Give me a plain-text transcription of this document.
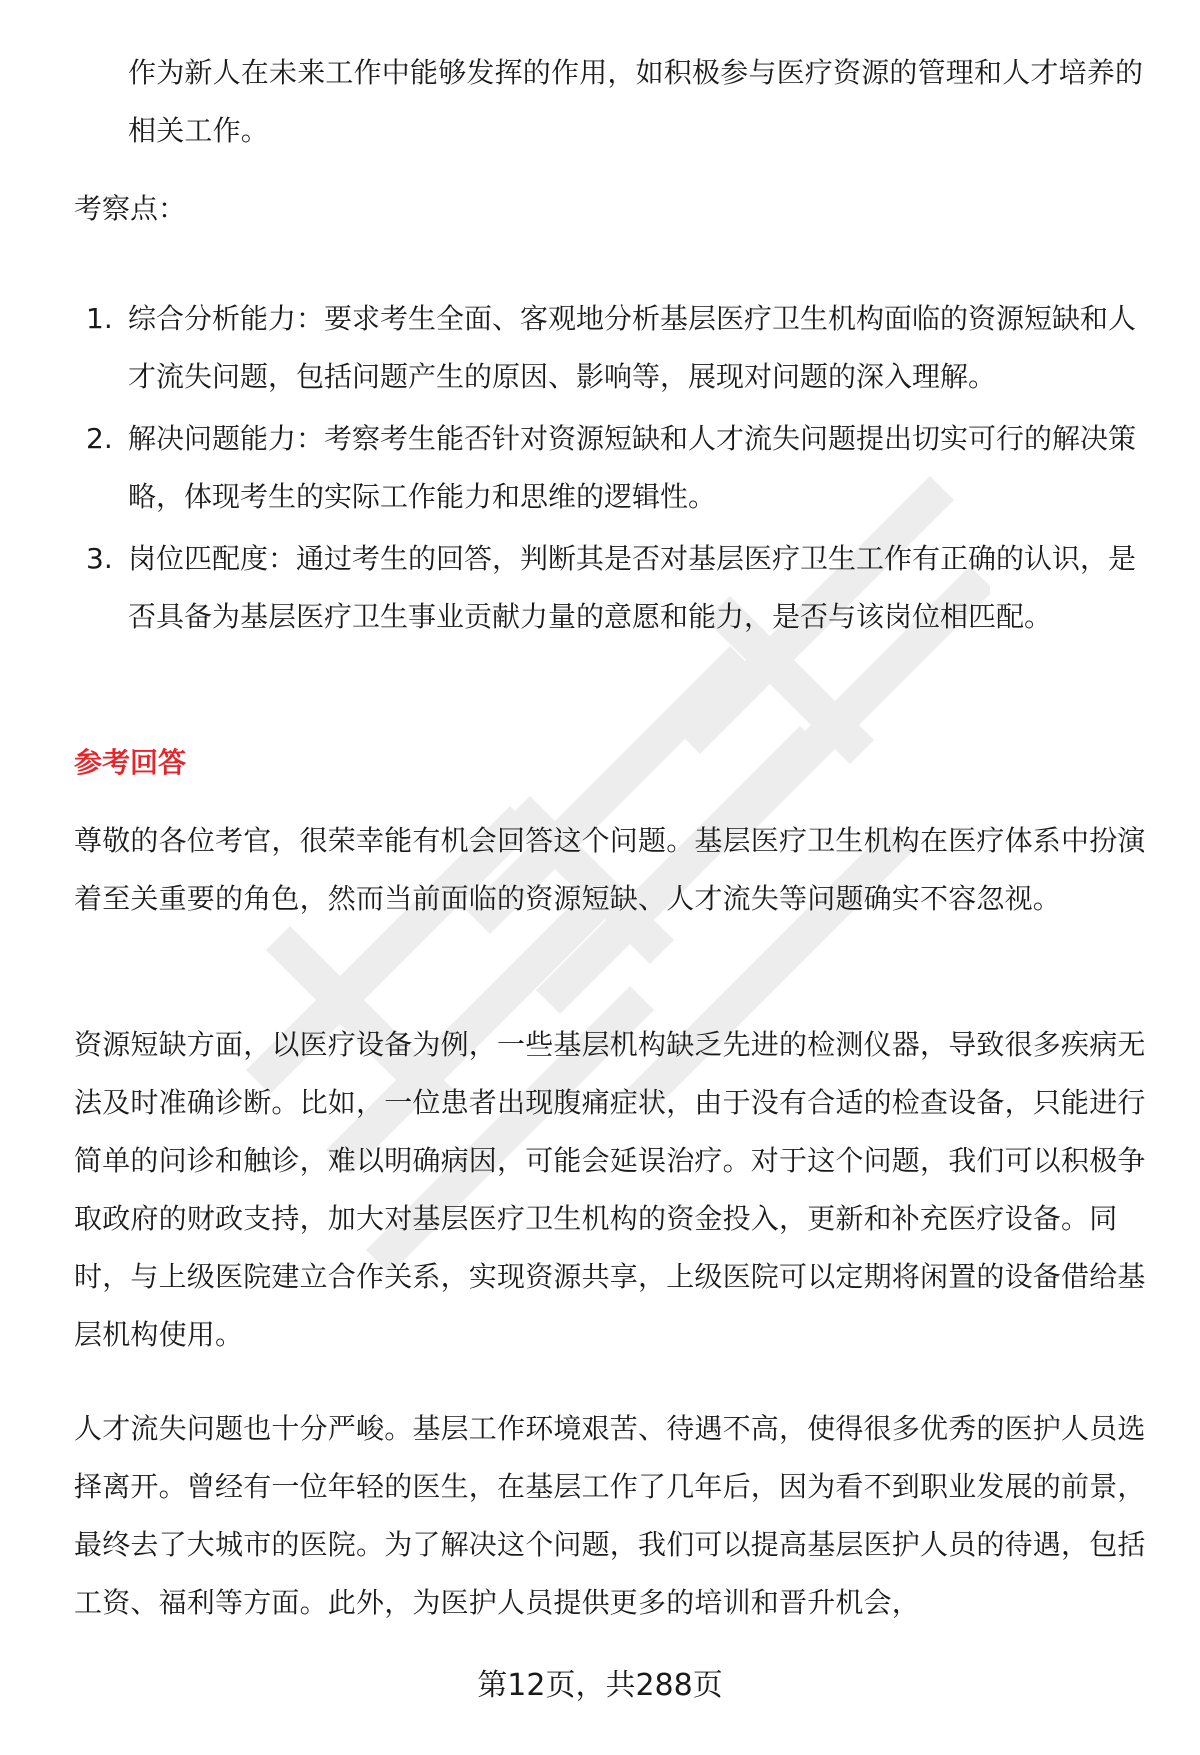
作为新人在未来工作中能够发挥的作用，如积极参与医疗资源的管理和人才培养的相关工作。

考察点：

1. 综合分析能力：要求考生全面、客观地分析基层医疗卫生机构面临的资源短缺和人才流失问题，包括问题产生的原因、影响等，展现对问题的深入理解。
2. 解决问题能力：考察考生能否针对资源短缺和人才流失问题提出切实可行的解决策略，体现考生的实际工作能力和思维的逻辑性。
3. 岗位匹配度：通过考生的回答，判断其是否对基层医疗卫生工作有正确的认识，是否具备为基层医疗卫生事业贡献力量的意愿和能力，是否与该岗位相匹配。

参考回答

尊敬的各位考官，很荣幸能有机会回答这个问题。基层医疗卫生机构在医疗体系中扮演着至关重要的角色，然而当前面临的资源短缺、人才流失等问题确实不容忽视。

资源短缺方面，以医疗设备为例，一些基层机构缺乏先进的检测仪器，导致很多疾病无法及时准确诊断。比如，一位患者出现腹痛症状，由于没有合适的检查设备，只能进行简单的问诊和触诊，难以明确病因，可能会延误治疗。对于这个问题，我们可以积极争取政府的财政支持，加大对基层医疗卫生机构的资金投入，更新和补充医疗设备。同时，与上级医院建立合作关系，实现资源共享，上级医院可以定期将闲置的设备借给基层机构使用。

人才流失问题也十分严峻。基层工作环境艰苦、待遇不高，使得很多优秀的医护人员选择离开。曾经有一位年轻的医生，在基层工作了几年后，因为看不到职业发展的前景，最终去了大城市的医院。为了解决这个问题，我们可以提高基层医护人员的待遇，包括工资、福利等方面。此外，为医护人员提供更多的培训和晋升机会，

第12页，共288页
